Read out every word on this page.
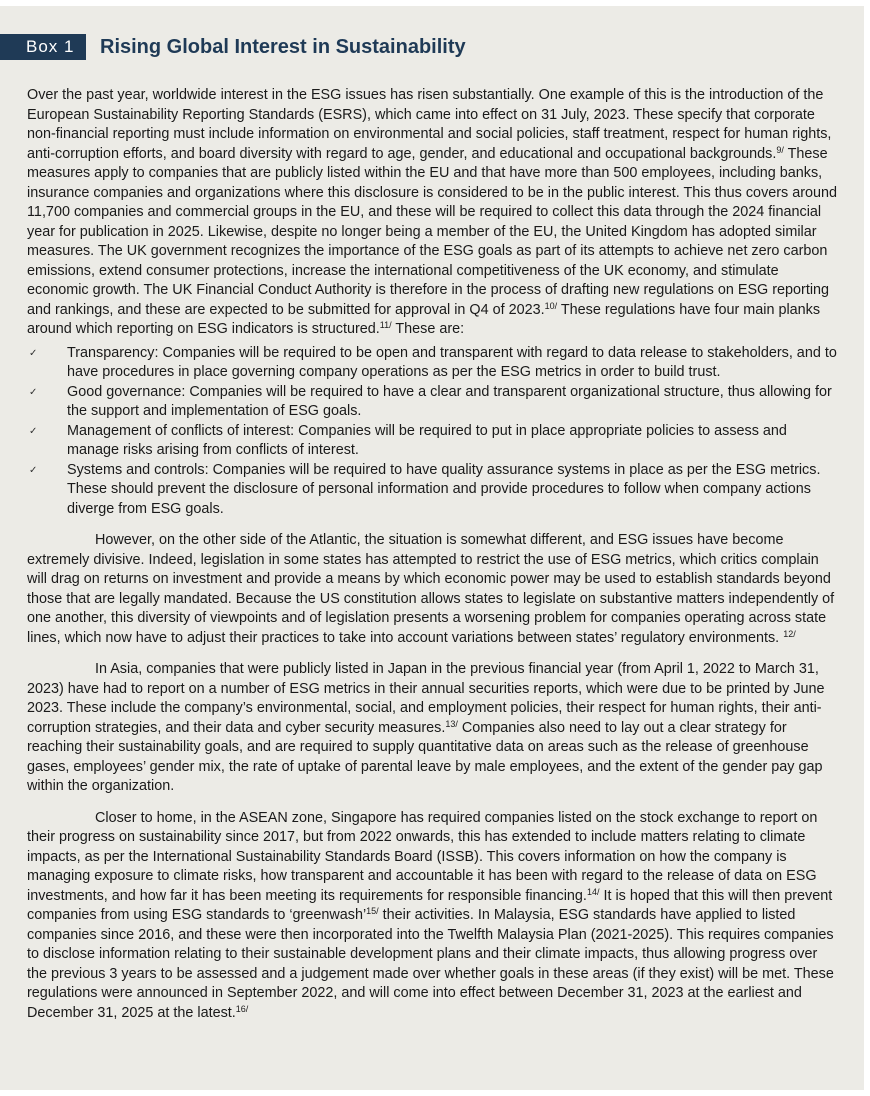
Box 1	Rising Global Interest in Sustainability

Over the past year, worldwide interest in the ESG issues has risen substantially. One example of this is the introduction of the European Sustainability Reporting Standards (ESRS), which came into effect on 31 July, 2023. These specify that corporate non-financial reporting must include information on environmental and social policies, staff treatment, respect for human rights, anti-corruption efforts, and board diversity with regard to age, gender, and educational and occupational backgrounds.$^{9/}$ These measures apply to companies that are publicly listed within the EU and that have more than 500 employees, including banks, insurance companies and organizations where this disclosure is considered to be in the public interest. This thus covers around 11,700 companies and commercial groups in the EU, and these will be required to collect this data through the 2024 financial year for publication in 2025. Likewise, despite no longer being a member of the EU, the United Kingdom has adopted similar measures. The UK government recognizes the importance of the ESG goals as part of its attempts to achieve net zero carbon emissions, extend consumer protections, increase the international competitiveness of the UK economy, and stimulate economic growth. The UK Financial Conduct Authority is therefore in the process of drafting new regulations on ESG reporting and rankings, and these are expected to be submitted for approval in Q4 of 2023.$^{10/}$ These regulations have four main planks around which reporting on ESG indicators is structured.$^{11/}$ These are:

✓ Transparency: Companies will be required to be open and transparent with regard to data release to stakeholders, and to have procedures in place governing company operations as per the ESG metrics in order to build trust.
✓ Good governance: Companies will be required to have a clear and transparent organizational structure, thus allowing for the support and implementation of ESG goals.
✓ Management of conflicts of interest: Companies will be required to put in place appropriate policies to assess and manage risks arising from conflicts of interest.
✓ Systems and controls: Companies will be required to have quality assurance systems in place as per the ESG metrics. These should prevent the disclosure of personal information and provide procedures to follow when company actions diverge from ESG goals.

However, on the other side of the Atlantic, the situation is somewhat different, and ESG issues have become extremely divisive. Indeed, legislation in some states has attempted to restrict the use of ESG metrics, which critics complain will drag on returns on investment and provide a means by which economic power may be used to establish standards beyond those that are legally mandated. Because the US constitution allows states to legislate on substantive matters independently of one another, this diversity of viewpoints and of legislation presents a worsening problem for companies operating across state lines, which now have to adjust their practices to take into account variations between states’ regulatory environments. $^{12/}$

In Asia, companies that were publicly listed in Japan in the previous financial year (from April 1, 2022 to March 31, 2023) have had to report on a number of ESG metrics in their annual securities reports, which were due to be printed by June 2023. These include the company’s environmental, social, and employment policies, their respect for human rights, their anti-corruption strategies, and their data and cyber security measures.$^{13/}$ Companies also need to lay out a clear strategy for reaching their sustainability goals, and are required to supply quantitative data on areas such as the release of greenhouse gases, employees’ gender mix, the rate of uptake of parental leave by male employees, and the extent of the gender pay gap within the organization.

Closer to home, in the ASEAN zone, Singapore has required companies listed on the stock exchange to report on their progress on sustainability since 2017, but from 2022 onwards, this has extended to include matters relating to climate impacts, as per the International Sustainability Standards Board (ISSB). This covers information on how the company is managing exposure to climate risks, how transparent and accountable it has been with regard to the release of data on ESG investments, and how far it has been meeting its requirements for responsible financing.$^{14/}$ It is hoped that this will then prevent companies from using ESG standards to ‘greenwash’$^{15/}$ their activities. In Malaysia, ESG standards have applied to listed companies since 2016, and these were then incorporated into the Twelfth Malaysia Plan (2021-2025). This requires companies to disclose information relating to their sustainable development plans and their climate impacts, thus allowing progress over the previous 3 years to be assessed and a judgement made over whether goals in these areas (if they exist) will be met. These regulations were announced in September 2022, and will come into effect between December 31, 2023 at the earliest and December 31, 2025 at the latest.$^{16/}$
